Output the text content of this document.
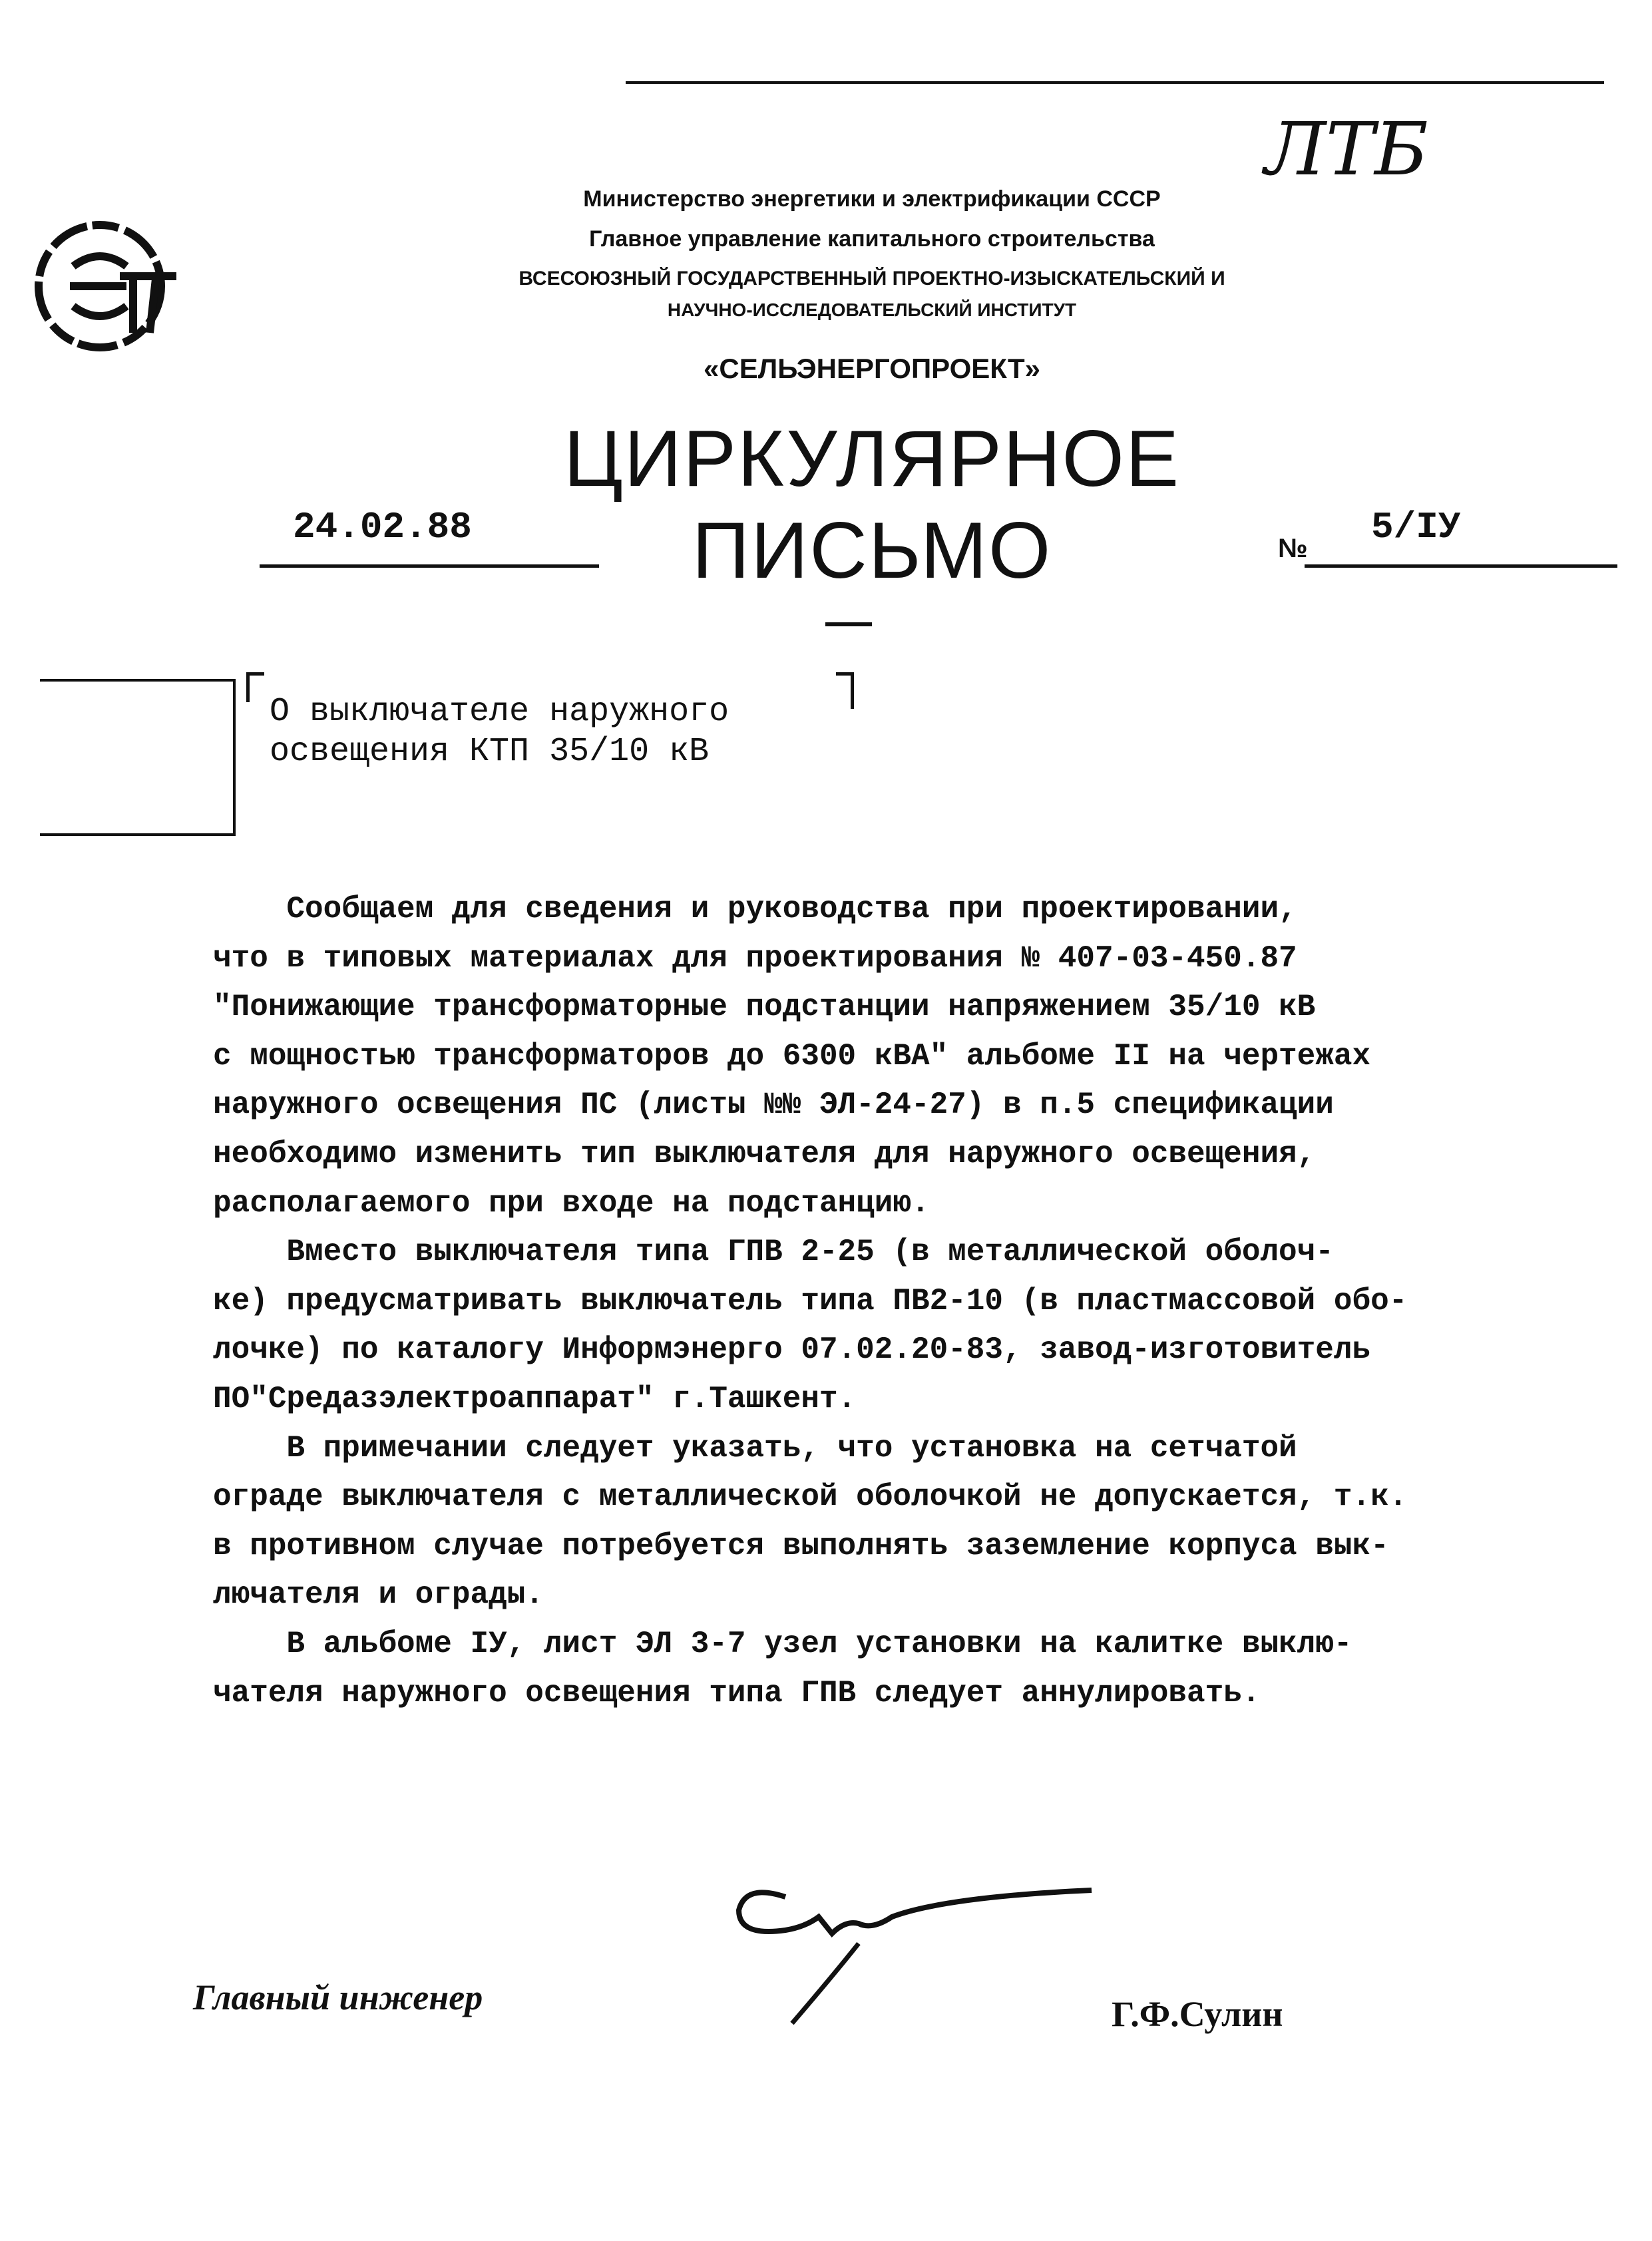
ЛТБ
Министерство энергетики и электрификации СССР
Главное управление капитального строительства
ВСЕСОЮЗНЫЙ ГОСУДАРСТВЕННЫЙ ПРОЕКТНО-ИЗЫСКАТЕЛЬСКИЙ И
НАУЧНО-ИССЛЕДОВАТЕЛЬСКИЙ ИНСТИТУТ
«СЕЛЬЭНЕРГОПРОЕКТ»
ЦИРКУЛЯРНОЕ ПИСЬМО
24.02.88	№ 5/IУ
О выключателе наружного
освещения КТП 35/10 кВ

Сообщаем для сведения и руководства при проектировании,

что в типовых материалах для проектирования № 407-03-450.87

"Понижающие трансформаторные подстанции напряжением 35/10 кВ

с мощностью трансформаторов до 6300 кВА" альбоме II на чертежах

наружного освещения ПС (листы №№ ЭЛ-24-27) в п.5 спецификации

необходимо изменить тип выключателя для наружного освещения,

располагаемого при входе на подстанцию.

Вместо выключателя типа ГПВ 2-25 (в металлической оболоч-

ке) предусматривать выключатель типа ПВ2-10 (в пластмассовой обо-

лочке) по каталогу Информэнерго 07.02.20-83, завод-изготовитель

ПО"Средазэлектроаппарат" г.Ташкент.

В примечании следует указать, что установка на сетчатой

ограде выключателя с металлической оболочкой не допускается, т.к.

в противном случае потребуется выполнять заземление корпуса вык-

лючателя и ограды.

В альбоме IУ, лист ЭЛ 3-7 узел установки на калитке выклю-

чателя наружного освещения типа ГПВ следует аннулировать.

Главный инженер	Г.Ф.Сулин
